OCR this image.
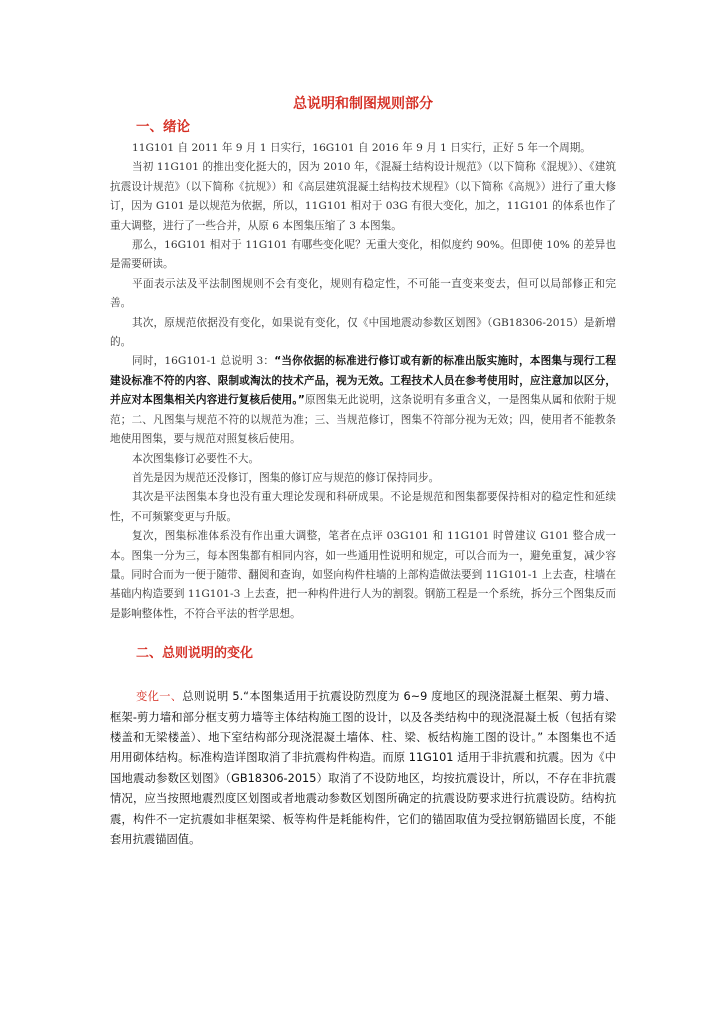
总说明和制图规则部分
一、绪论

11G101 自 2011 年 9 月 1 日实行，16G101 自 2016 年 9 月 1 日实行，正好 5 年一个周期。

当初 11G101 的推出变化挺大的，因为 2010 年，《混凝土结构设计规范》（以下简称《混规》）、《建筑抗震设计规范》（以下简称《抗规》）和《高层建筑混凝土结构技术规程》（以下简称《高规》）进行了重大修订，因为 G101 是以规范为依据，所以，11G101 相对于 03G 有很大变化，加之，11G101 的体系也作了重大调整，进行了一些合并，从原 6 本图集压缩了 3 本图集。

那么，16G101 相对于 11G101 有哪些变化呢？无重大变化，相似度约 90%。但即使 10% 的差异也是需要研读。

平面表示法及平法制图规则不会有变化，规则有稳定性，不可能一直变来变去，但可以局部修正和完善。

其次，原规范依据没有变化，如果说有变化，仅《中国地震动参数区划图》（GB18306-2015）是新增的。

同时，16G101-1 总说明 3：“当你依据的标准进行修订或有新的标准出版实施时，本图集与现行工程建设标准不符的内容、限制或淘汰的技术产品，视为无效。工程技术人员在参考使用时，应注意加以区分，并应对本图集相关内容进行复核后使用。”原图集无此说明，这条说明有多重含义，一是图集从属和依附于规范；二、凡图集与规范不符的以规范为准；三、当规范修订，图集不符部分视为无效；四，使用者不能教条地使用图集，要与规范对照复核后使用。

本次图集修订必要性不大。

首先是因为规范还没修订，图集的修订应与规范的修订保持同步。

其次是平法图集本身也没有重大理论发现和科研成果。不论是规范和图集都要保持相对的稳定性和延续性，不可频繁变更与升版。

复次，图集标准体系没有作出重大调整，笔者在点评 03G101 和 11G101 时曾建议 G101 整合成一本。图集一分为三，每本图集都有相同内容，如一些通用性说明和规定，可以合而为一，避免重复，减少容量。同时合而为一便于随带、翻阅和查询，如竖向构件柱墙的上部构造做法要到 11G101-1 上去查，柱墙在基础内构造要到 11G101-3 上去查，把一种构件进行人为的割裂。钢筋工程是一个系统，拆分三个图集反而是影响整体性，不符合平法的哲学思想。

二、总则说明的变化

变化一、总则说明 5.“本图集适用于抗震设防烈度为 6~9 度地区的现浇混凝土框架、剪力墙、框架-剪力墙和部分框支剪力墙等主体结构施工图的设计，以及各类结构中的现浇混凝土板（包括有梁楼盖和无梁楼盖）、地下室结构部分现浇混凝土墙体、柱、梁、板结构施工图的设计。” 本图集也不适用用砌体结构。标准构造详图取消了非抗震构件构造。而原 11G101 适用于非抗震和抗震。因为《中国地震动参数区划图》（GB18306-2015）取消了不设防地区，均按抗震设计，所以，不存在非抗震情况，应当按照地震烈度区划图或者地震动参数区划图所确定的抗震设防要求进行抗震设防。结构抗震，构件不一定抗震如非框架梁、板等构件是耗能构件，它们的锚固取值为受拉钢筋锚固长度，不能套用抗震锚固值。
